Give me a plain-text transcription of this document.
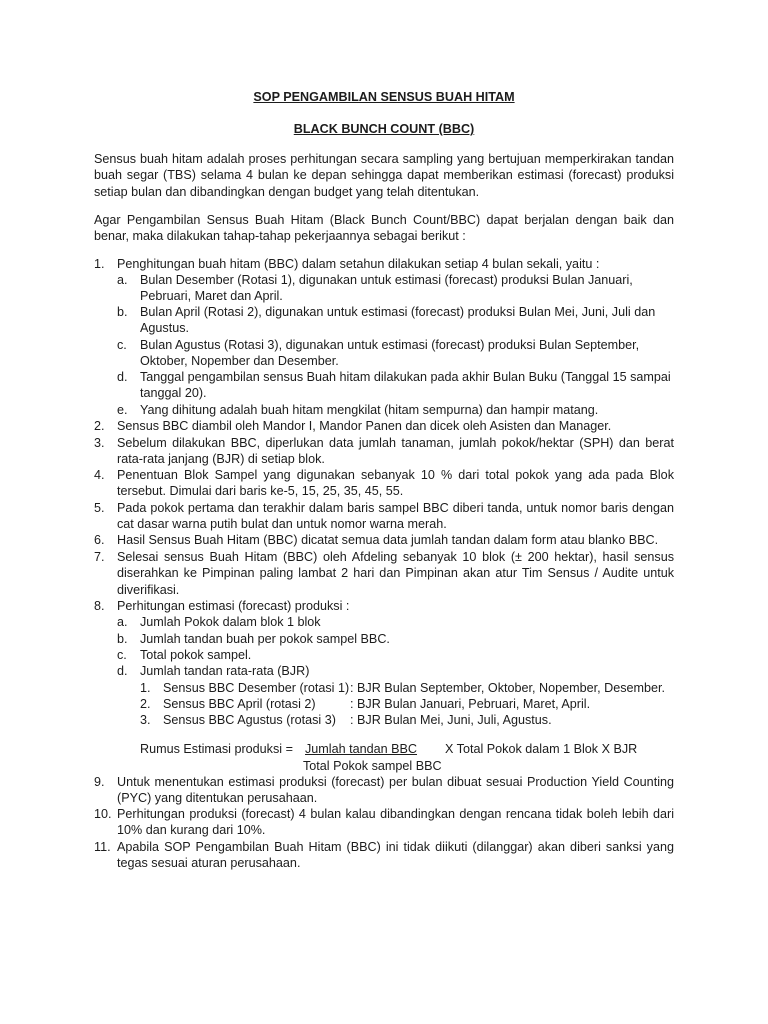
SOP PENGAMBILAN SENSUS BUAH HITAM
BLACK BUNCH COUNT (BBC)
Sensus buah hitam adalah proses perhitungan secara sampling yang bertujuan memperkirakan tandan buah segar (TBS) selama 4 bulan ke depan sehingga dapat memberikan estimasi (forecast) produksi setiap bulan dan dibandingkan dengan budget yang telah ditentukan.
Agar Pengambilan Sensus Buah Hitam (Black Bunch Count/BBC) dapat berjalan dengan baik dan benar, maka dilakukan tahap-tahap pekerjaannya sebagai berikut :
1. Penghitungan buah hitam (BBC) dalam setahun dilakukan setiap 4 bulan sekali, yaitu :
a. Bulan Desember (Rotasi 1), digunakan untuk estimasi (forecast) produksi Bulan Januari, Pebruari, Maret dan April.
b. Bulan April (Rotasi 2), digunakan untuk estimasi (forecast) produksi Bulan Mei, Juni, Juli dan Agustus.
c.	Bulan Agustus (Rotasi 3), digunakan untuk estimasi (forecast) produksi Bulan September, Oktober, Nopember dan Desember.
d. Tanggal pengambilan sensus Buah hitam dilakukan pada akhir Bulan Buku (Tanggal 15 sampai tanggal 20).
e. Yang dihitung adalah buah hitam mengkilat (hitam sempurna) dan hampir matang.
2. Sensus BBC diambil oleh Mandor I, Mandor Panen dan dicek oleh Asisten dan Manager.
3. Sebelum dilakukan BBC, diperlukan data jumlah tanaman, jumlah pokok/hektar (SPH) dan berat rata-rata janjang (BJR) di setiap blok.
4. Penentuan Blok Sampel yang digunakan sebanyak 10 % dari total pokok yang ada pada Blok tersebut. Dimulai dari baris ke-5, 15, 25, 35, 45, 55.
5. Pada pokok pertama dan terakhir dalam baris sampel BBC diberi tanda, untuk nomor baris dengan cat dasar warna putih bulat dan untuk nomor warna merah.
6. Hasil Sensus Buah Hitam (BBC) dicatat semua data jumlah tandan dalam form atau blanko BBC.
7. Selesai sensus Buah Hitam (BBC) oleh Afdeling sebanyak 10 blok (± 200 hektar), hasil sensus diserahkan ke Pimpinan paling lambat 2 hari dan Pimpinan akan atur Tim Sensus / Audite untuk diverifikasi.
8. Perhitungan estimasi (forecast) produksi :
a. Jumlah Pokok dalam blok 1 blok
b. Jumlah tandan buah per pokok sampel BBC.
c.	Total pokok sampel.
d. Jumlah tandan rata-rata (BJR)
1. Sensus BBC Desember (rotasi 1) : BJR Bulan September, Oktober, Nopember, Desember.
2. Sensus BBC April (rotasi 2)	: BJR Bulan Januari, Pebruari, Maret, April.
3. Sensus BBC Agustus (rotasi 3) : BJR Bulan Mei, Juni, Juli, Agustus.
Rumus Estimasi produksi = Jumlah tandan BBC X Total Pokok dalam 1 Blok X BJR
Total Pokok sampel BBC
9. Untuk menentukan estimasi produksi (forecast) per bulan dibuat sesuai Production Yield Counting (PYC) yang ditentukan perusahaan.
10. Perhitungan produksi (forecast) 4 bulan kalau dibandingkan dengan rencana tidak boleh lebih dari 10% dan kurang dari 10%.
11. Apabila SOP Pengambilan Buah Hitam (BBC) ini tidak diikuti (dilanggar) akan diberi sanksi yang tegas sesuai aturan perusahaan.
